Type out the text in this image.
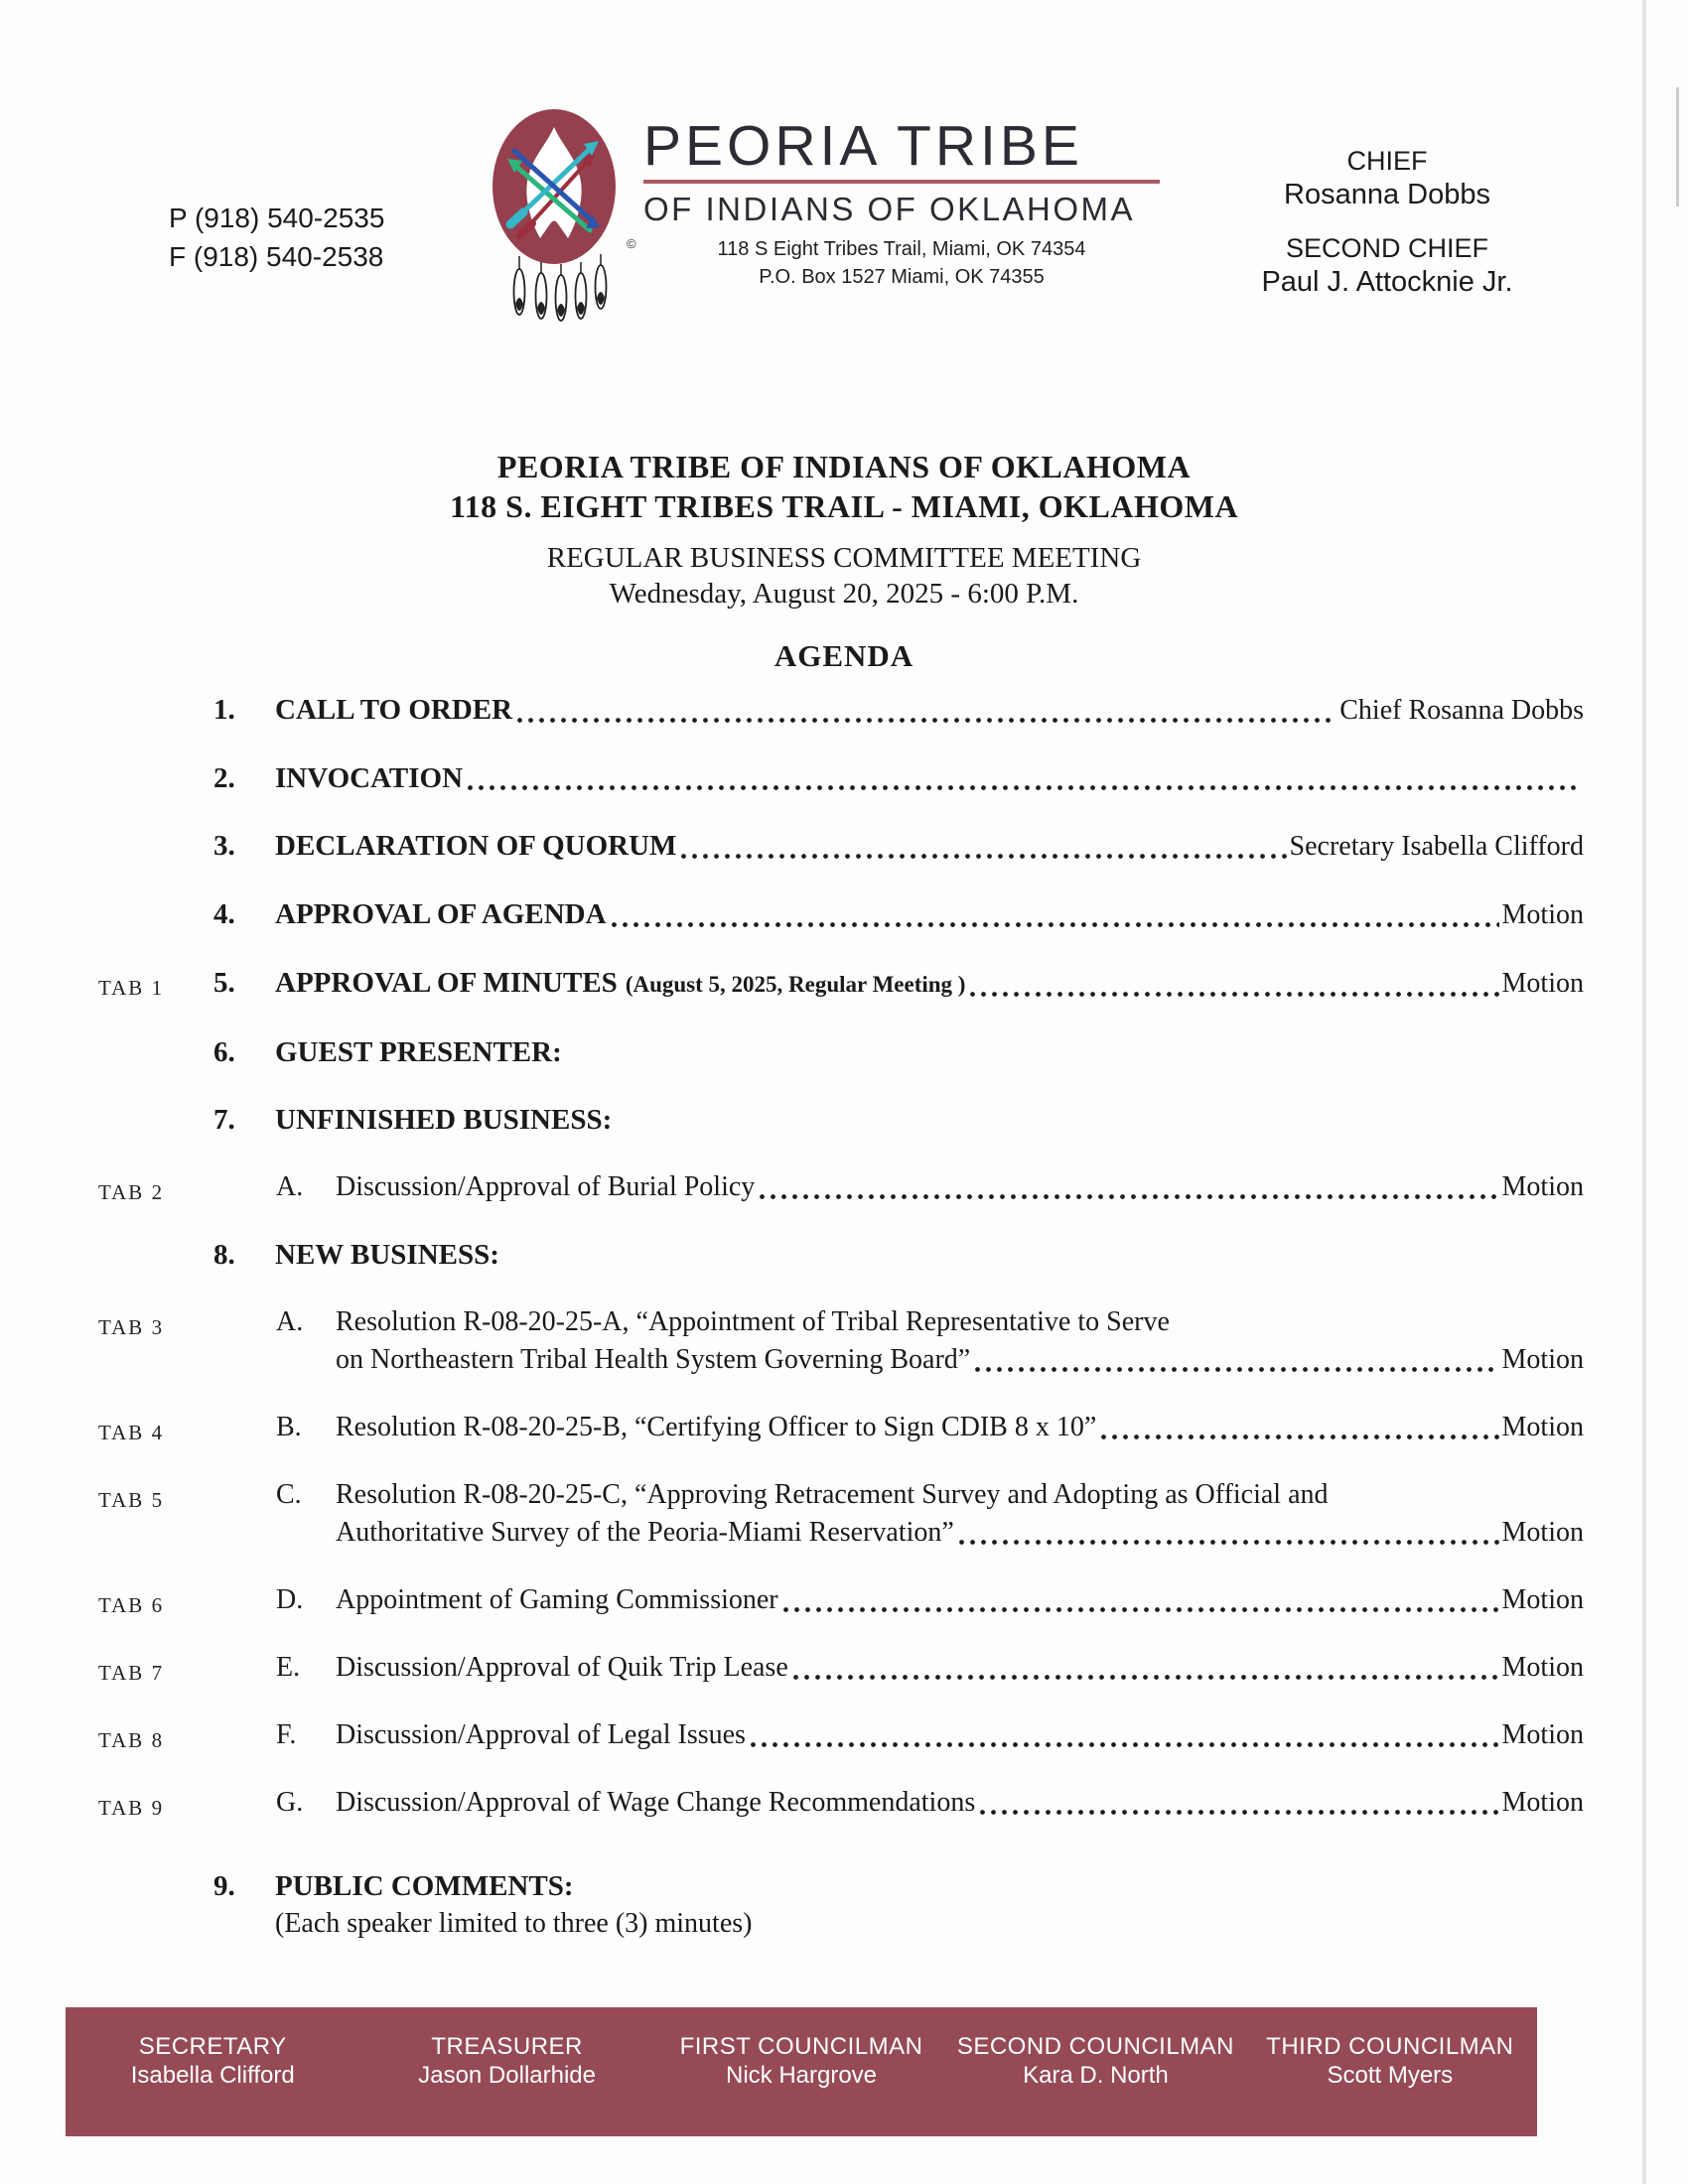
P (918) 540-2535
F (918) 540-2538	©
PEORIA TRIBE
OF INDIANS OF OKLAHOMA
118 S Eight Tribes Trail, Miami, OK 74354
P.O. Box 1527 Miami, OK 74355
CHIEF
Rosanna Dobbs
SECOND CHIEF
Paul J. Attocknie Jr.
PEORIA TRIBE OF INDIANS OF OKLAHOMA
118 S. EIGHT TRIBES TRAIL - MIAMI, OKLAHOMA
REGULAR BUSINESS COMMITTEE MEETING
Wednesday, August 20, 2025 - 6:00 P.M.
AGENDA
1.	CALL TO ORDER	Chief Rosanna Dobbs
2.	INVOCATION
3.	DECLARATION OF QUORUM	Secretary Isabella Clifford
4.	APPROVAL OF AGENDA	Motion
TAB 1 5.	APPROVAL OF MINUTES (August 5, 2025, Regular Meeting )	Motion
6.	GUEST PRESENTER:
7.	UNFINISHED BUSINESS:
TAB 2	A.	Discussion/Approval of Burial Policy	Motion
8.	NEW BUSINESS:
TAB 3	A.	Resolution R-08-20-25-A, “Appointment of Tribal Representative to Serve
on Northeastern Tribal Health System Governing Board”	Motion
TAB 4	B.	Resolution R-08-20-25-B, “Certifying Officer to Sign CDIB 8 x 10”	Motion
TAB 5	C.	Resolution R-08-20-25-C, “Approving Retracement Survey and Adopting as Official and
Authoritative Survey of the Peoria-Miami Reservation”	Motion
TAB 6	D.	Appointment of Gaming Commissioner	Motion
TAB 7	E.	Discussion/Approval of Quik Trip Lease	Motion
TAB 8	F.	Discussion/Approval of Legal Issues	Motion
TAB 9	G.	Discussion/Approval of Wage Change Recommendations	Motion
9.	PUBLIC COMMENTS:
(Each speaker limited to three (3) minutes)
SECRETARY
Isabella Clifford
TREASURER
Jason Dollarhide
FIRST COUNCILMAN
Nick Hargrove
SECOND COUNCILMAN
Kara D. North
THIRD COUNCILMAN
Scott Myers
